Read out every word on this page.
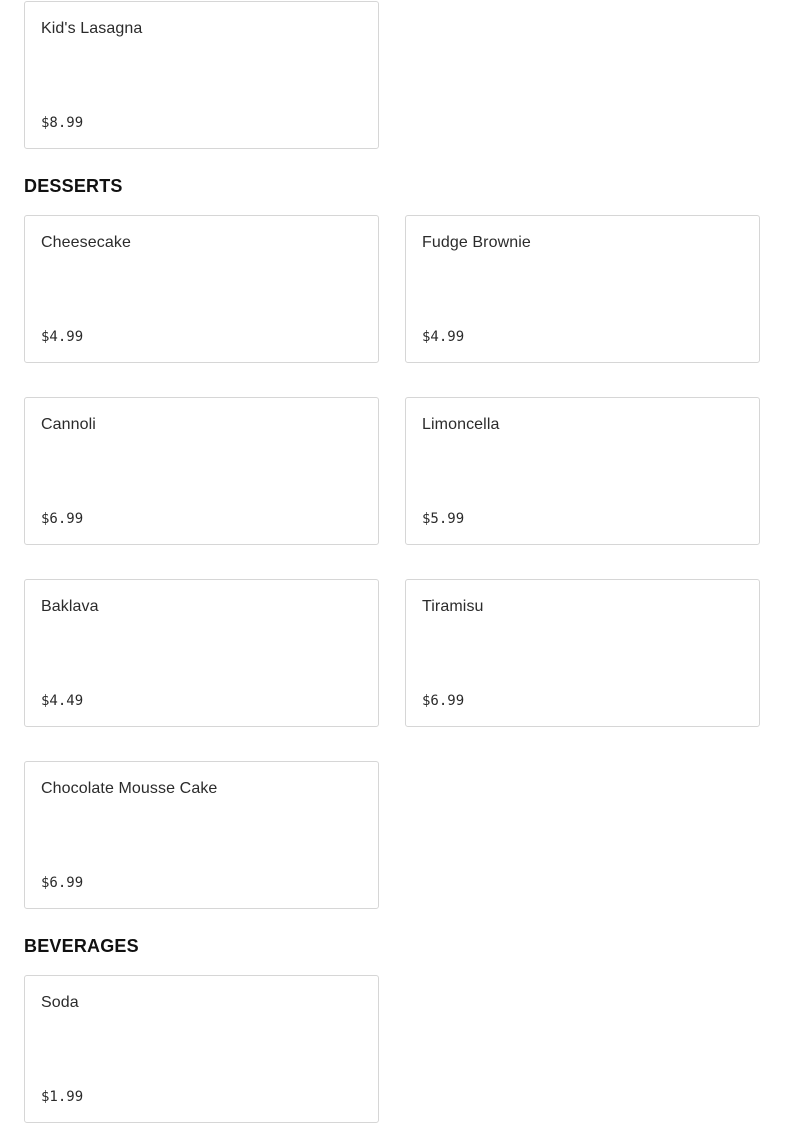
Kid's Lasagna
$8.99
DESSERTS
Cheesecake
$4.99
Fudge Brownie
$4.99
Cannoli
$6.99
Limoncella
$5.99
Baklava
$4.49
Tiramisu
$6.99
Chocolate Mousse Cake
$6.99
BEVERAGES
Soda
$1.99
